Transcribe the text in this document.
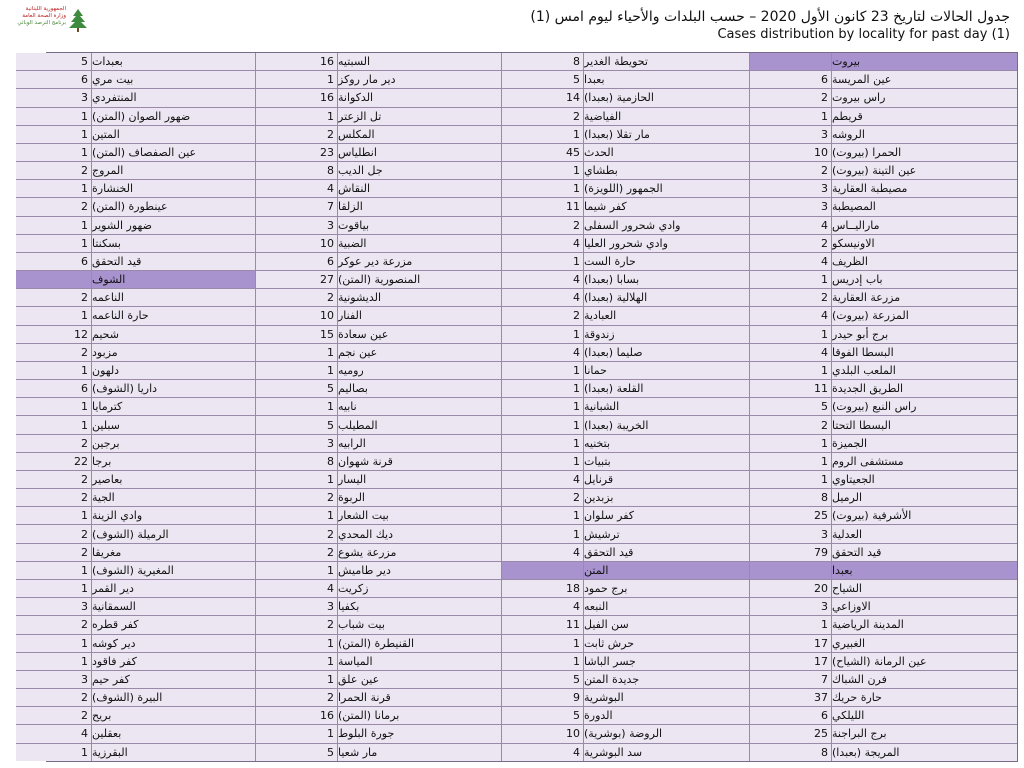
الجمهورية اللبنانية
وزارة الصحة العامة
برنامج الترصد الوبائي	جدول الحالات لتاريخ 23 كانون الأول 2020 – حسب البلدات والأحياء ليوم امس (1)
Cases distribution by locality for past day (1)
بيروت
عين المريسة
6
راس بيروت
2
قريطم
1
الروشه
3
الحمرا (بيروت)
10
عين التينة (بيروت)
2
مصيطبة العقارية
3
المصيطبة
3
ماراليــاس
4
الاونيسكو
2
الظريف
4
باب إدريس
1
مزرعة العقارية
2
المزرعة (بيروت)
4
برج أبو حيدر
1
البسطا الفوقا
4
الملعب البلدي
1
الطريق الجديدة
11
راس النبع (بيروت)
5
البسطا التحتا
2
الجميزة
1
مستشفى الروم
1
الجعيتاوي
1
الرميل
8
الأشرفية (بيروت)
25
العدلية
3
قيد التحقق
79
بعبدا
الشياح
20
الاوزاعي
3
المدينة الرياضية
1
الغبيري
17
عين الرمانة (الشياح)
17
فرن الشباك
7
حارة حريك
37
الليلكي
6
برج البراجنة
25
المريجة (بعبدا)
8
تحويطة الغدير
8
بعبدا
5
الحازمية (بعبدا)
14
الفياضية
2
مار تقلا (بعبدا)
1
الحدث
45
بطشاي
1
الجمهور (اللويزة)
1
كفر شيما
11
وادي شحرور السفلى
2
وادي شحرور العليا
4
حارة الست
1
بسابا (بعبدا)
4
الهلالية (بعبدا)
4
العبادية
2
زندوقة
1
صليما (بعبدا)
4
حمانا
1
القلعة (بعبدا)
1
الشبانية
1
الخريبة (بعبدا)
1
بتخنيه
1
بتبيات
1
قرنايل
4
بزبدين
2
كفر سلوان
1
ترشيش
1
قيد التحقق
4
المتن
برج حمود
18
النبعه
4
سن الفيل
11
حرش ثابت
1
جسر الباشا
1
جديدة المتن
5
البوشرية
9
الدورة
5
الروضة (بوشرية)
10
سد البوشرية
4
السبتيه
16
دير مار روكز
1
الدكوانة
16
تل الزعتر
1
المكلس
2
انطلياس
23
جل الديب
8
النقاش
4
الزلقا
7
بياقوت
3
الضبية
10
مزرعة دير عوكر
6
المنصورية (المتن)
27
الديشونية
2
الفنار
10
عين سعادة
15
عين نجم
1
روميه
1
بصاليم
5
نابيه
1
المطيلب
5
الرابيه
3
قرنة شهوان
8
اليسار
1
الربوة
2
بيت الشعار
1
ديك المحدي
2
مزرعة يشوع
2
دير طاميش
1
زكريت
4
بكفيا
3
بيت شباب
2
القنيطرة (المتن)
1
المياسة
1
عين علق
1
قرنة الحمرا
2
برمانا (المتن)
16
جورة البلوط
1
مار شعيا
5
بعبدات
5
بيت مري
6
المنتفردي
3
ضهور الصوان (المتن)
1
المتين
1
عين الصفصاف (المتن)
1
المروج
2
الخنشارة
1
عينطورة (المتن)
2
ضهور الشوير
1
بسكنتا
1
قيد التحقق
6
الشوف
الناعمه
2
حارة الناعمه
1
شحيم
12
مزبود
2
دلهون
1
داريا (الشوف)
6
كترمايا
1
سبلين
1
برجين
2
برجا
22
بعاصير
2
الجية
2
وادي الزينة
1
الرميلة (الشوف)
2
مغريقا
2
المغيرية (الشوف)
1
دير القمر
1
السمقانية
3
كفر قطره
2
دير كوشه
1
كفر فاقود
1
كفر حيم
3
البيرة (الشوف)
2
بريح
2
بعقلين
4
البقرزية
1
